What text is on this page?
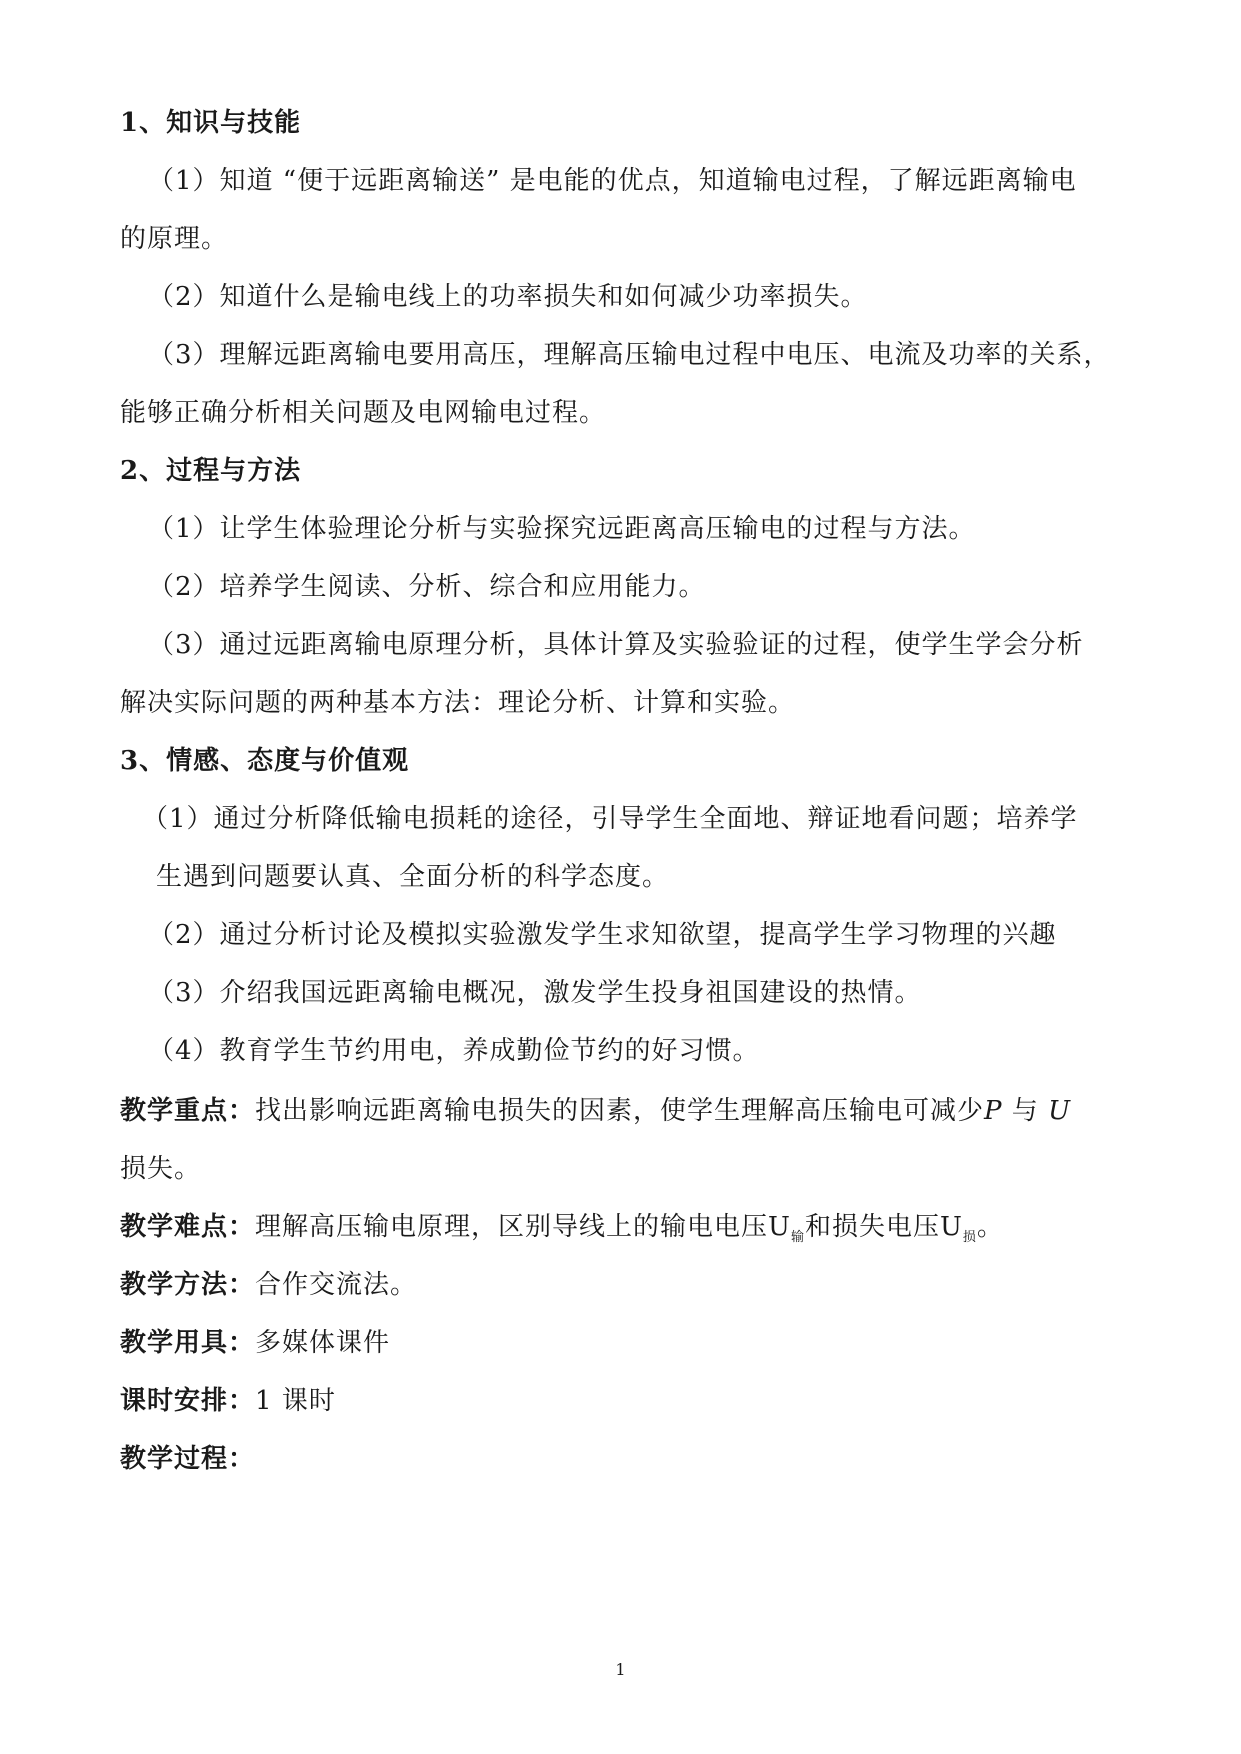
1、知识与技能
（1）知道 “便于远距离输送” 是电能的优点，知道输电过程，了解远距离输电
的原理。
（2）知道什么是输电线上的功率损失和如何减少功率损失。
（3）理解远距离输电要用高压，理解高压输电过程中电压、电流及功率的关系，
能够正确分析相关问题及电网输电过程。
2、过程与方法
（1）让学生体验理论分析与实验探究远距离高压输电的过程与方法。
（2）培养学生阅读、分析、综合和应用能力。
（3）通过远距离输电原理分析，具体计算及实验验证的过程，使学生学会分析
解决实际问题的两种基本方法：理论分析、计算和实验。
3、情感、态度与价值观
（1）通过分析降低输电损耗的途径，引导学生全面地、辩证地看问题；培养学
生遇到问题要认真、全面分析的科学态度。
（2）通过分析讨论及模拟实验激发学生求知欲望，提高学生学习物理的兴趣
（3）介绍我国远距离输电概况，激发学生投身祖国建设的热情。
（4）教育学生节约用电，养成勤俭节约的好习惯。
教学重点：找出影响远距离输电损失的因素，使学生理解高压输电可减少P 与 U
损失。
教学难点：理解高压输电原理，区别导线上的输电电压$U_输$和损失电压$U_损$。
教学方法：合作交流法。
教学用具：多媒体课件
课时安排：1 课时
教学过程：
1
